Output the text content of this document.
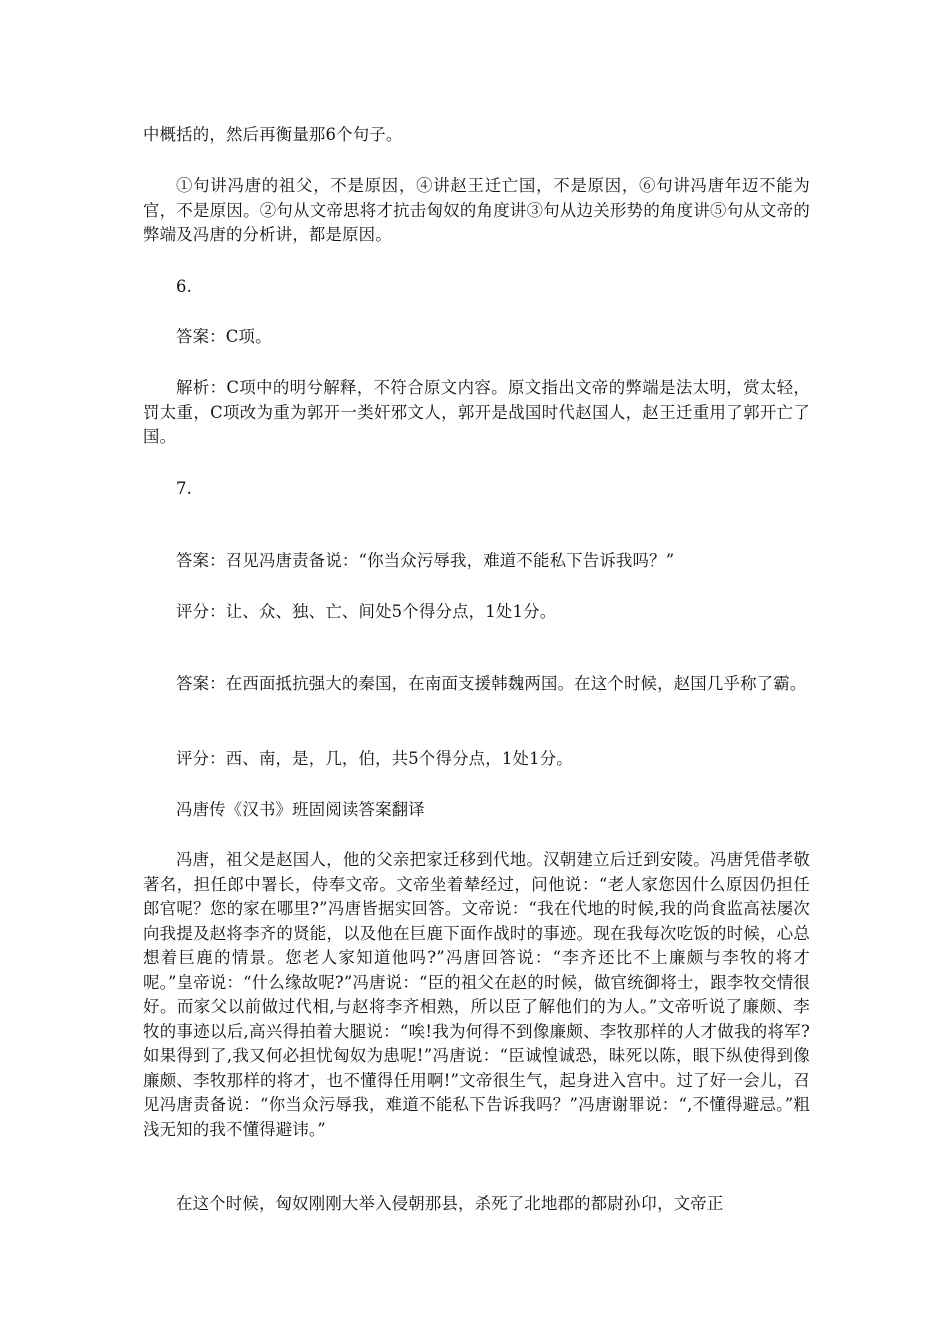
中概括的，然后再衡量那6个句子。

①句讲冯唐的祖父，不是原因，④讲赵王迁亡国，不是原因，⑥句讲冯唐年迈不能为官，不是原因。②句从文帝思将才抗击匈奴的角度讲③句从边关形势的角度讲⑤句从文帝的弊端及冯唐的分析讲，都是原因。

6.

答案：C项。

解析：C项中的明兮解释，不符合原文内容。原文指出文帝的弊端是法太明，赏太轻，罚太重，C项改为重为郭开一类奸邪文人，郭开是战国时代赵国人，赵王迁重用了郭开亡了国。

7.

答案：召见冯唐责备说：“你当众污辱我，难道不能私下告诉我吗？”

评分：让、众、独、亡、间处5个得分点，1处1分。

答案：在西面抵抗强大的秦国，在南面支援韩魏两国。在这个时候，赵国几乎称了霸。

评分：西、南，是，几，伯，共5个得分点，1处1分。

冯唐传《汉书》班固阅读答案翻译

冯唐，祖父是赵国人，他的父亲把家迁移到代地。汉朝建立后迁到安陵。冯唐凭借孝敬著名，担任郎中署长，侍奉文帝。文帝坐着辇经过，问他说：“老人家您因什么原因仍担任郎官呢？您的家在哪里?”冯唐皆据实回答。文帝说：“我在代地的时候,我的尚食监高祛屡次向我提及赵将李齐的贤能，以及他在巨鹿下面作战时的事迹。现在我每次吃饭的时候，心总想着巨鹿的情景。您老人家知道他吗?”冯唐回答说：“李齐还比不上廉颇与李牧的将才呢。”皇帝说：“什么缘故呢?”冯唐说：“臣的祖父在赵的时候，做官统御将士，跟李牧交情很好。而家父以前做过代相,与赵将李齐相熟，所以臣了解他们的为人。”文帝听说了廉颇、李牧的事迹以后,高兴得拍着大腿说：“唉!我为何得不到像廉颇、李牧那样的人才做我的将军?如果得到了,我又何必担忧匈奴为患呢!”冯唐说：“臣诚惶诚恐，昧死以陈，眼下纵使得到像廉颇、李牧那样的将才，也不懂得任用啊!”文帝很生气，起身进入宫中。过了好一会儿，召见冯唐责备说：“你当众污辱我，难道不能私下告诉我吗？”冯唐谢罪说：“,不懂得避忌。”粗浅无知的我不懂得避讳。”

在这个时候，匈奴刚刚大举入侵朝那县，杀死了北地郡的都尉孙卬，文帝正
